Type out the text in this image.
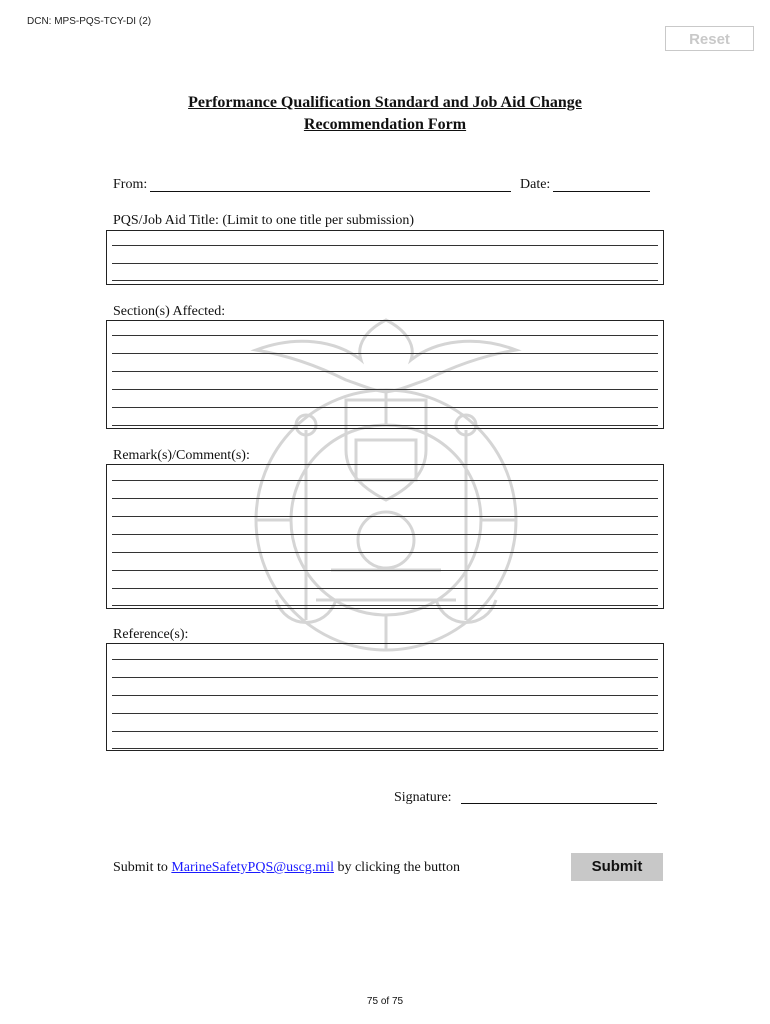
DCN: MPS-PQS-TCY-DI (2)
Reset
Performance Qualification Standard and Job Aid Change
Recommendation Form
From:	Date:
PQS/Job Aid Title: (Limit to one title per submission)
Section(s) Affected:
Remark(s)/Comment(s):
Reference(s):
Signature:
Submit to MarineSafetyPQS@uscg.mil by clicking the button	Submit
75 of 75
